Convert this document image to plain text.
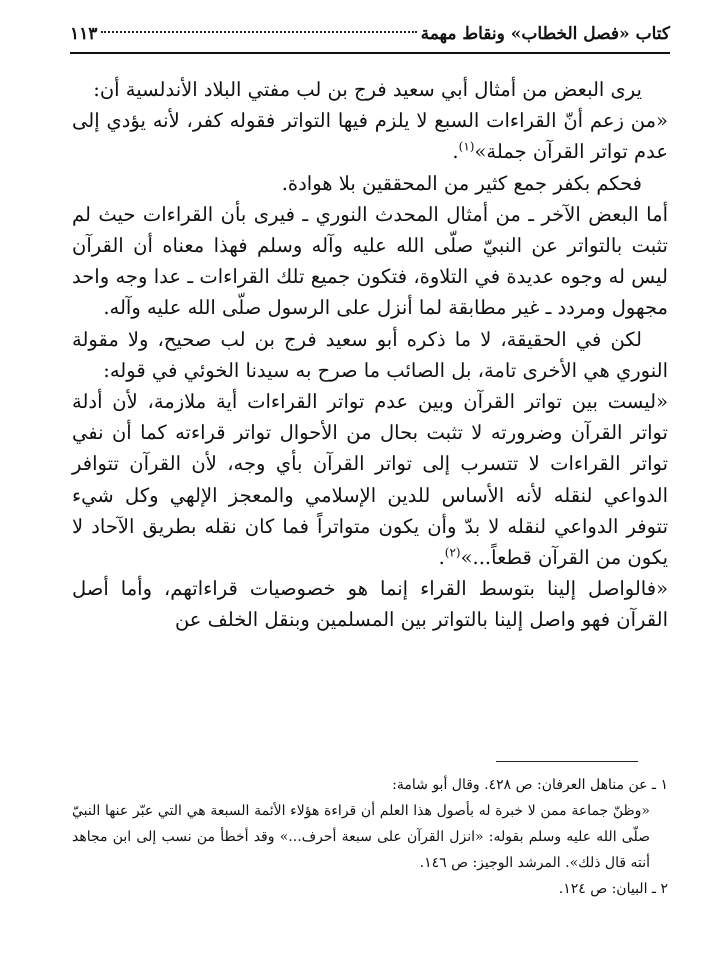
كتاب «فصل الخطاب» ونقاط مهمة
١١٣

يرى البعض من أمثال أبي سعيد فرج بن لب مفتي البلاد الأندلسية أن:

«من زعم أنّ القراءات السبع لا يلزم فيها التواتر فقوله كفر، لأنه يؤدي إلى عدم تواتر القرآن جملة»$^{(١)}$.

فحكم بكفر جمع كثير من المحققين بلا هوادة.

أما البعض الآخر ـ من أمثال المحدث النوري ـ فيرى بأن القراءات حيث لم تثبت بالتواتر عن النبيّ صلّى الله عليه وآله وسلم فهذا معناه أن القرآن ليس له وجوه عديدة في التلاوة، فتكون جميع تلك القراءات ـ عدا وجه واحد مجهول ومردد ـ غير مطابقة لما أنزل على الرسول صلّى الله عليه وآله.

لكن في الحقيقة، لا ما ذكره أبو سعيد فرج بن لب صحيح، ولا مقولة النوري هي الأخرى تامة، بل الصائب ما صرح به سيدنا الخوئي في قوله:

«ليست بين تواتر القرآن وبين عدم تواتر القراءات أية ملازمة، لأن أدلة تواتر القرآن وضرورته لا تثبت بحال من الأحوال تواتر قراءته كما أن نفي تواتر القراءات لا تتسرب إلى تواتر القرآن بأي وجه، لأن القرآن تتوافر الدواعي لنقله لأنه الأساس للدين الإسلامي والمعجز الإلهي وكل شيء تتوفر الدواعي لنقله لا بدّ وأن يكون متواتراً فما كان نقله بطريق الآحاد لا يكون من القرآن قطعاً...»$^{(٢)}$.

«فالواصل إلينا بتوسط القراء إنما هو خصوصيات قراءاتهم، وأما أصل القرآن فهو واصل إلينا بالتواتر بين المسلمين وبنقل الخلف عن

١ ـ عن مناهل العرفان: ص ٤٢٨. وقال أبو شامة:

«وظنّ جماعة ممن لا خبرة له بأصول هذا العلم أن قراءة هؤلاء الأئمة السبعة هي التي عبّر عنها النبيّ صلّى الله عليه وسلم بقوله: «انزل القرآن على سبعة أحرف...» وقد أخطأ من نسب إلى ابن مجاهد أنته قال ذلك». المرشد الوجيز: ص ١٤٦.

٢ ـ البيان: ص ١٢٤.
